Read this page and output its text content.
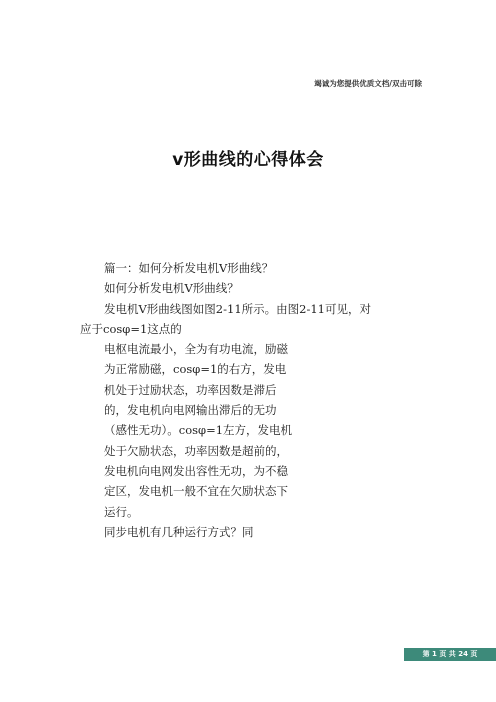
竭诚为您提供优质文档/双击可除
v形曲线的心得体会

篇一：如何分析发电机V形曲线？

如何分析发电机V形曲线？

发电机V形曲线图如图2-11所示。由图2-11可见，对

应于cosφ=1这点的

电枢电流最小，全为有功电流，励磁

为正常励磁，cosφ=1的右方，发电

机处于过励状态，功率因数是滞后

的，发电机向电网输出滞后的无功

（感性无功）。cosφ=1左方，发电机

处于欠励状态，功率因数是超前的，

发电机向电网发出容性无功，为不稳

定区，发电机一般不宜在欠励状态下

运行。

同步电机有几种运行方式？同

第 1 页 共 24 页
